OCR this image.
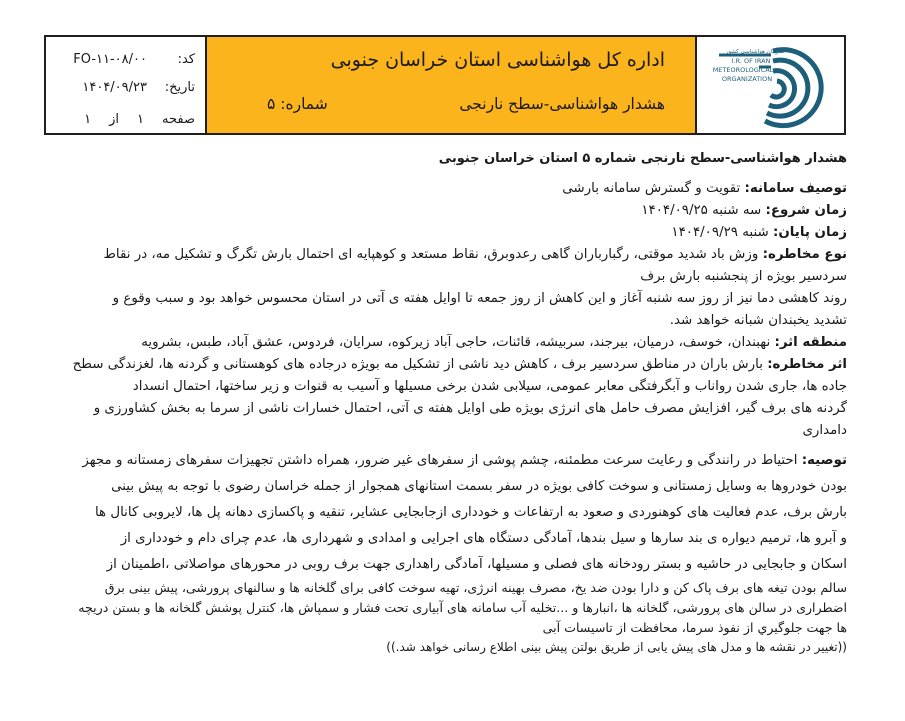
کد:
FO-۱۱-۰۸/۰۰
تاریخ:
۱۴۰۴/۰۹/۲۳
صفحه
۱
از
۱
اداره کل هواشناسی استان خراسان جنوبی
هشدار هواشناسی-سطح نارنجی
شماره: ۵
سازمان هواشناسی کشور
I.R. OF IRAN
METEOROLOGICAL
ORGANIZATION

هشدار هواشناسی-سطح نارنجی شماره ۵ استان خراسان جنوبی

توصیف سامانه: تقویت و گسترش سامانه بارشی

زمان شروع: سه شنبه ۱۴۰۴/۰۹/۲۵

زمان پایان: شنبه ۱۴۰۴/۰۹/۲۹

نوع مخاطره: وزش باد شدید موقتی، رگبارباران گاهی رعدوبرق، نقاط مستعد و کوهپایه ای احتمال بارش تگرگ و تشکیل مه، در نقاط

سردسیر بویژه از پنجشنبه بارش برف

روند کاهشی دما نیز از روز سه شنبه آغاز و این کاهش از روز جمعه تا اوایل هفته ی آتی در استان محسوس خواهد بود و سبب وقوع و

تشدید یخبندان شبانه خواهد شد.

منطقه اثر: نهبندان، خوسف، درمیان، بیرجند، سربیشه، قائنات، حاجی آباد زیرکوه، سرایان، فردوس، عشق آباد، طبس، بشرویه

اثر مخاطره: بارش باران در مناطق سردسیر برف ، کاهش دید ناشی از تشکیل مه بویژه درجاده های کوهستانی و گردنه ها، لغزندگی سطح

جاده ها، جاری شدن رواناب و آبگرفتگی معابر عمومی، سیلابی شدن برخی مسیلها و آسیب به قنوات و زیر ساختها، احتمال انسداد

گردنه های برف گیر، افزایش مصرف حامل های انرژی بویژه طی اوایل هفته ی آتی، احتمال خسارات ناشی از سرما به بخش کشاورزی و

دامداری

توصیه: احتیاط در رانندگی و رعایت سرعت مطمئنه، چشم پوشی از سفرهای غیر ضرور، همراه داشتن تجهیزات سفرهای زمستانه و مجهز

بودن خودروها به وسایل زمستانی و سوخت کافی بویژه در سفر بسمت استانهای همجوار از جمله خراسان رضوی با توجه به پیش بینی

بارش برف، عدم فعالیت های کوهنوردی و صعود به ارتفاعات و خودداری ازجابجایی عشایر، تنقیه و پاکسازی دهانه پل ها، لایروبی کانال ها

و آبرو ها، ترمیم دیواره ی بند سارها و سیل بندها، آمادگی دستگاه های اجرایی و امدادی و شهرداری ها، عدم چرای دام و خودداری از

اسکان و جابجایی در حاشیه و بستر رودخانه های فصلی و مسیلها، آمادگی راهداری جهت برف روبی در محورهای مواصلاتی ،اطمینان از

سالم بودن تیغه های برف پاک کن و دارا بودن ضد یخ، مصرف بهینه انرژی، تهیه سوخت کافی برای گلخانه ها و سالنهای پرورشی، پیش بینی برق

اضطراری در سالن های پرورشی، گلخانه ها ،انبارها و ...تخلیه آب سامانه های آبیاری تحت فشار و سمپاش ها، کنترل پوشش گلخانه ها و بستن دریچه

ها جهت جلوگيري از نفوذ سرما، محافظت از تاسیسات آبی

((تغییر در نقشه ها و مدل های پیش یابی از طریق بولتن پیش بینی اطلاع رسانی خواهد شد.))
